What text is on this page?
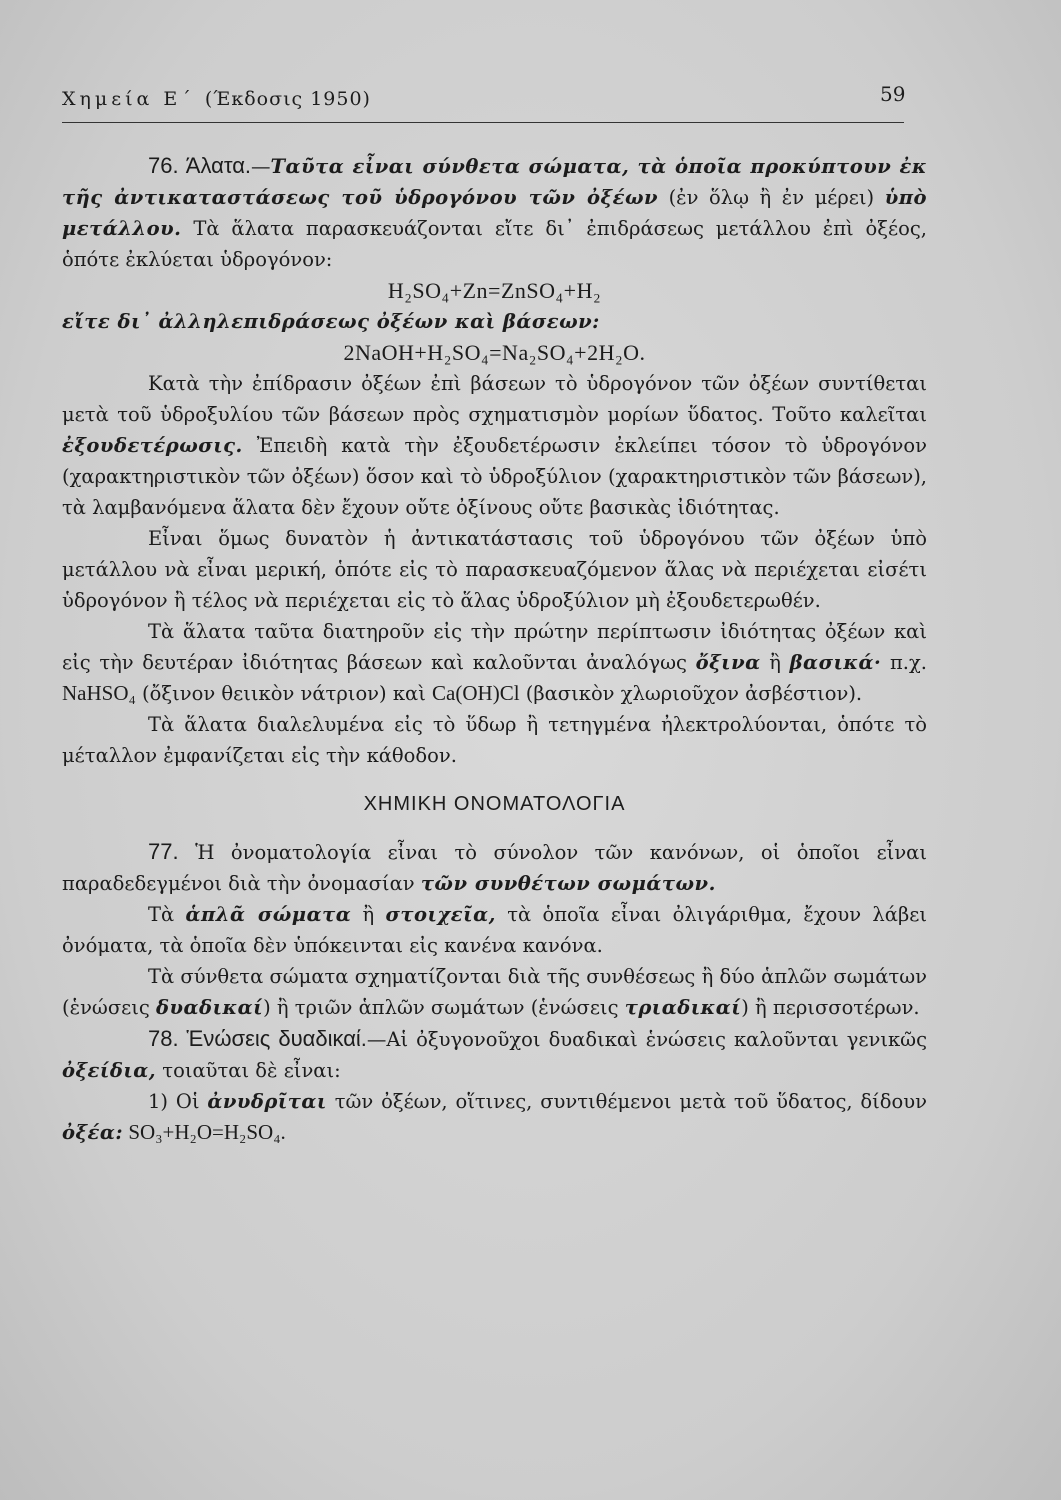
Χημεία Ε΄ (Έκδοσις 1950)	59

76. Άλατα.—Ταῦτα εἶναι σύνθετα σώματα, τὰ ὁποῖα προκύπτουν ἐκ τῆς ἀντικαταστάσεως τοῦ ὑδρογόνου τῶν ὀξέων (ἐν ὅλῳ ἢ ἐν μέρει) ὑπὸ μετάλλου. Τὰ ἅλατα παρασκευάζονται εἴτε δι᾽ ἐπιδράσεως μετάλλου ἐπὶ ὀξέος, ὁπότε ἐκλύεται ὑδρογόνον:

H₂SO₄+Zn=ZnSO₄+H₂

εἴτε δι᾽ ἀλληλεπιδράσεως ὀξέων καὶ βάσεων:

2NaOH+H₂SO₄=Na₂SO₄+2H₂O.

Κατὰ τὴν ἐπίδρασιν ὀξέων ἐπὶ βάσεων τὸ ὑδρογόνον τῶν ὀξέων συντίθεται μετὰ τοῦ ὑδροξυλίου τῶν βάσεων πρὸς σχηματισμὸν μορίων ὕδατος. Τοῦτο καλεῖται ἐξουδετέρωσις. Ἐπειδὴ κατὰ τὴν ἐξουδετέρωσιν ἐκλείπει τόσον τὸ ὑδρογόνον (χαρακτηριστικὸν τῶν ὀξέων) ὅσον καὶ τὸ ὑδροξύλιον (χαρακτηριστικὸν τῶν βάσεων), τὰ λαμβανόμενα ἅλατα δὲν ἔχουν οὔτε ὀξίνους οὔτε βασικὰς ἰδιότητας.

Εἶναι ὅμως δυνατὸν ἡ ἀντικατάστασις τοῦ ὑδρογόνου τῶν ὀξέων ὑπὸ μετάλλου νὰ εἶναι μερική, ὁπότε εἰς τὸ παρασκευαζόμενον ἅλας νὰ περιέχεται εἰσέτι ὑδρογόνον ἢ τέλος νὰ περιέχεται εἰς τὸ ἅλας ὑδροξύλιον μὴ ἐξουδετερωθέν.

Τὰ ἅλατα ταῦτα διατηροῦν εἰς τὴν πρώτην περίπτωσιν ἰδιότητας ὀξέων καὶ εἰς τὴν δευτέραν ἰδιότητας βάσεων καὶ καλοῦνται ἀναλόγως ὄξινα ἢ βασικά· π.χ. NaHSO₄ (ὄξινον θειικὸν νάτριον) καὶ Ca(OH)Cl (βασικὸν χλωριοῦχον ἀσβέστιον).

Τὰ ἅλατα διαλελυμένα εἰς τὸ ὕδωρ ἢ τετηγμένα ἠλεκτρολύονται, ὁπότε τὸ μέταλλον ἐμφανίζεται εἰς τὴν κάθοδον.

ΧΗΜΙΚΗ ΟΝΟΜΑΤΟΛΟΓΙΑ

77. Ἡ ὀνοματολογία εἶναι τὸ σύνολον τῶν κανόνων, οἱ ὁποῖοι εἶναι παραδεδεγμένοι διὰ τὴν ὀνομασίαν τῶν συνθέτων σωμάτων.

Τὰ ἁπλᾶ σώματα ἢ στοιχεῖα, τὰ ὁποῖα εἶναι ὀλιγάριθμα, ἔχουν λάβει ὀνόματα, τὰ ὁποῖα δὲν ὑπόκεινται εἰς κανένα κανόνα.

Τὰ σύνθετα σώματα σχηματίζονται διὰ τῆς συνθέσεως ἢ δύο ἁπλῶν σωμάτων (ἑνώσεις δυαδικαί) ἢ τριῶν ἁπλῶν σωμάτων (ἑνώσεις τριαδικαί) ἢ περισσοτέρων.

78. Ἑνώσεις δυαδικαί.—Αἱ ὀξυγονοῦχοι δυαδικαὶ ἑνώσεις καλοῦνται γενικῶς ὀξείδια, τοιαῦται δὲ εἶναι:

1) Οἱ ἀνυδρῖται τῶν ὀξέων, οἵτινες, συντιθέμενοι μετὰ τοῦ ὕδατος, δίδουν ὀξέα: SO₃+H₂O=H₂SO₄.
